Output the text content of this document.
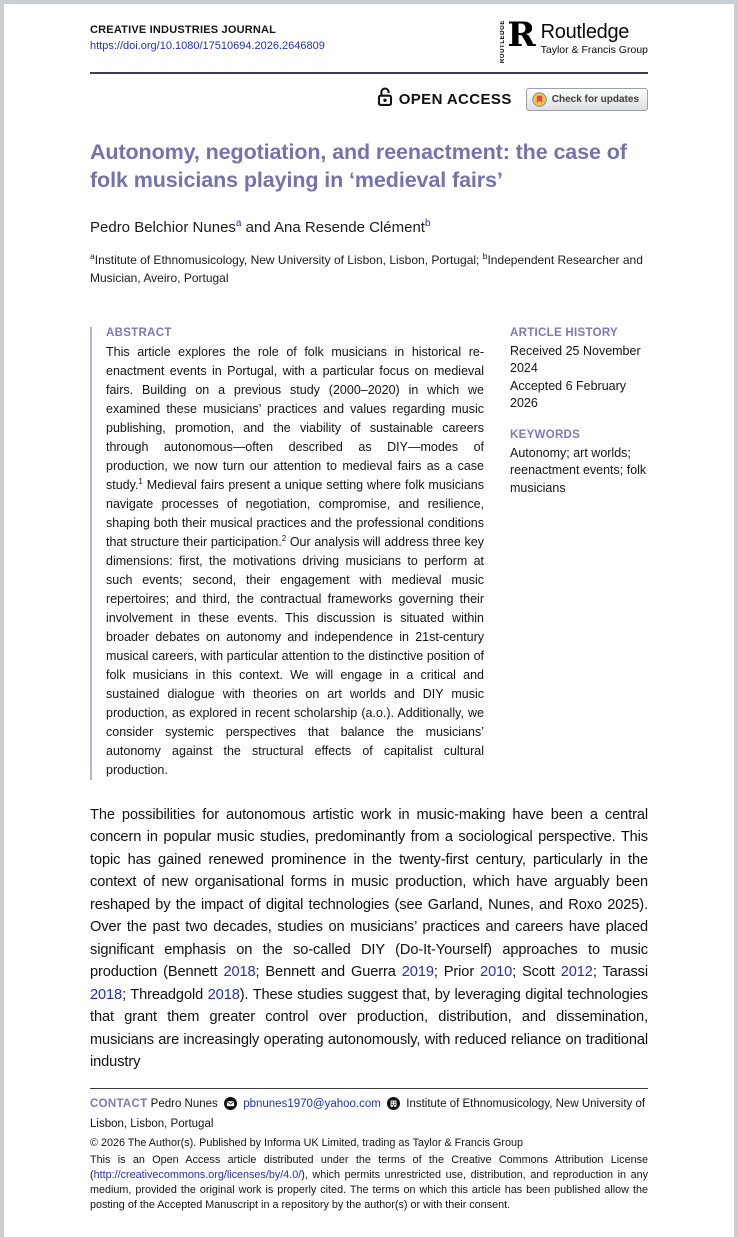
CREATIVE INDUSTRIES JOURNAL
https://doi.org/10.1080/17510694.2026.2646809	ROUTLEDGE R Routledge
Taylor & Francis Group
OPEN ACCESS	Check for updates
Autonomy, negotiation, and reenactment: the case of folk musicians playing in ‘medieval fairs’
Pedro Belchior Nunes$^a$ and Ana Resende Clément$^b$
$^a$Institute of Ethnomusicology, New University of Lisbon, Lisbon, Portugal; $^b$Independent Researcher and Musician, Aveiro, Portugal
ABSTRACT
This article explores the role of folk musicians in historical re-enactment events in Portugal, with a particular focus on medieval fairs. Building on a previous study (2000–2020) in which we examined these musicians’ practices and values regarding music publishing, promotion, and the viability of sustainable careers through autonomous—often described as DIY—modes of production, we now turn our attention to medieval fairs as a case study.$^1$ Medieval fairs present a unique setting where folk musicians navigate processes of negotiation, compromise, and resilience, shaping both their musical practices and the professional conditions that structure their participation.$^2$ Our analysis will address three key dimensions: first, the motivations driving musicians to perform at such events; second, their engagement with medieval music repertoires; and third, the contractual frameworks governing their involvement in these events. This discussion is situated within broader debates on autonomy and independence in 21st-century musical careers, with particular attention to the distinctive position of folk musicians in this context. We will engage in a critical and sustained dialogue with theories on art worlds and DIY music production, as explored in recent scholarship (a.o.). Additionally, we consider systemic perspectives that balance the musicians’ autonomy against the structural effects of capitalist cultural production.
ARTICLE HISTORY
Received 25 November 2024
Accepted 6 February 2026
KEYWORDS
Autonomy; art worlds; reenactment events; folk musicians

The possibilities for autonomous artistic work in music-making have been a central concern in popular music studies, predominantly from a sociological perspective. This topic has gained renewed prominence in the twenty-first century, particularly in the context of new organisational forms in music production, which have arguably been reshaped by the impact of digital technologies (see Garland, Nunes, and Roxo 2025). Over the past two decades, studies on musicians’ practices and careers have placed significant emphasis on the so-called DIY (Do-It-Yourself) approaches to music production (Bennett 2018; Bennett and Guerra 2019; Prior 2010; Scott 2012; Tarassi 2018; Threadgold 2018). These studies suggest that, by leveraging digital technologies that grant them greater control over production, distribution, and dissemination, musicians are increasingly operating autonomously, with reduced reliance on traditional industry

CONTACT Pedro Nunes pbnunes1970@yahoo.com Institute of Ethnomusicology, New University of Lisbon, Lisbon, Portugal
© 2026 The Author(s). Published by Informa UK Limited, trading as Taylor & Francis Group
This is an Open Access article distributed under the terms of the Creative Commons Attribution License (http://creativecommons.org/licenses/by/4.0/), which permits unrestricted use, distribution, and reproduction in any medium, provided the original work is properly cited. The terms on which this article has been published allow the posting of the Accepted Manuscript in a repository by the author(s) or with their consent.
